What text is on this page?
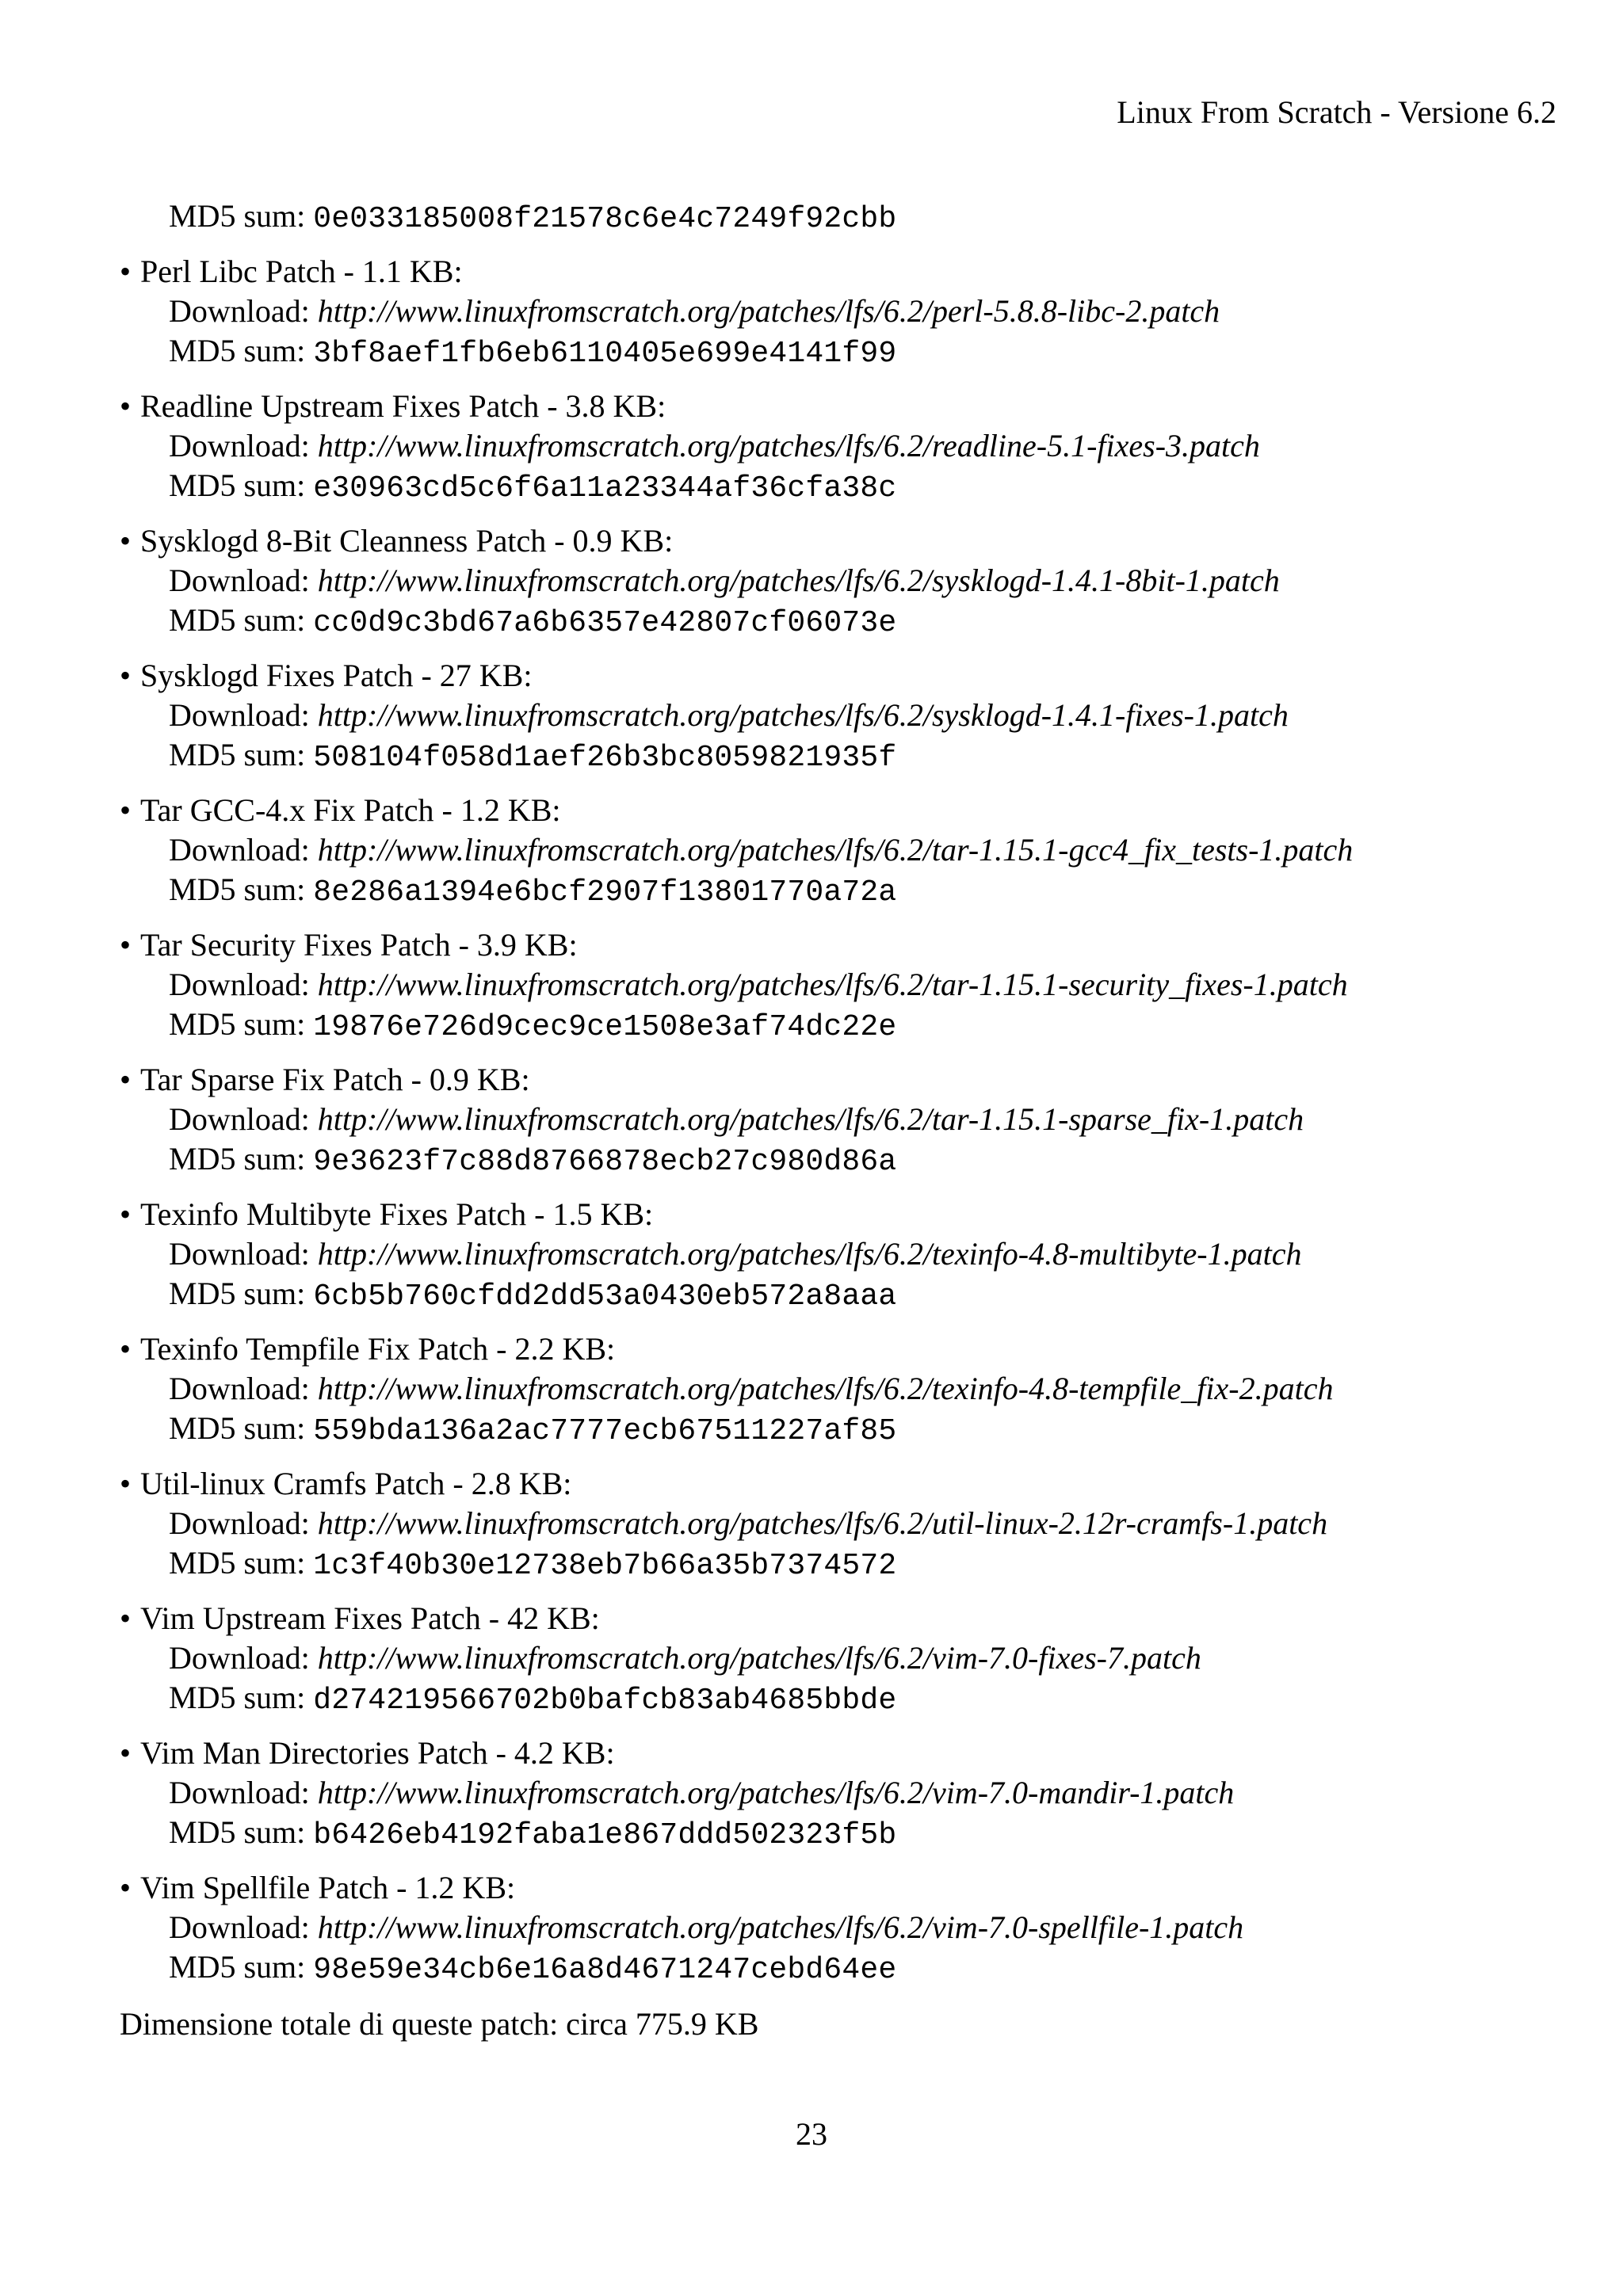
Linux From Scratch - Versione 6.2
MD5 sum: 0e033185008f21578c6e4c7249f92cbb
• Perl Libc Patch - 1.1 KB:
Download: http://www.linuxfromscratch.org/patches/lfs/6.2/perl-5.8.8-libc-2.patch
MD5 sum: 3bf8aef1fb6eb6110405e699e4141f99
• Readline Upstream Fixes Patch - 3.8 KB:
Download: http://www.linuxfromscratch.org/patches/lfs/6.2/readline-5.1-fixes-3.patch
MD5 sum: e30963cd5c6f6a11a23344af36cfa38c
• Sysklogd 8-Bit Cleanness Patch - 0.9 KB:
Download: http://www.linuxfromscratch.org/patches/lfs/6.2/sysklogd-1.4.1-8bit-1.patch
MD5 sum: cc0d9c3bd67a6b6357e42807cf06073e
• Sysklogd Fixes Patch - 27 KB:
Download: http://www.linuxfromscratch.org/patches/lfs/6.2/sysklogd-1.4.1-fixes-1.patch
MD5 sum: 508104f058d1aef26b3bc8059821935f
• Tar GCC-4.x Fix Patch - 1.2 KB:
Download: http://www.linuxfromscratch.org/patches/lfs/6.2/tar-1.15.1-gcc4_fix_tests-1.patch
MD5 sum: 8e286a1394e6bcf2907f13801770a72a
• Tar Security Fixes Patch - 3.9 KB:
Download: http://www.linuxfromscratch.org/patches/lfs/6.2/tar-1.15.1-security_fixes-1.patch
MD5 sum: 19876e726d9cec9ce1508e3af74dc22e
• Tar Sparse Fix Patch - 0.9 KB:
Download: http://www.linuxfromscratch.org/patches/lfs/6.2/tar-1.15.1-sparse_fix-1.patch
MD5 sum: 9e3623f7c88d8766878ecb27c980d86a
• Texinfo Multibyte Fixes Patch - 1.5 KB:
Download: http://www.linuxfromscratch.org/patches/lfs/6.2/texinfo-4.8-multibyte-1.patch
MD5 sum: 6cb5b760cfdd2dd53a0430eb572a8aaa
• Texinfo Tempfile Fix Patch - 2.2 KB:
Download: http://www.linuxfromscratch.org/patches/lfs/6.2/texinfo-4.8-tempfile_fix-2.patch
MD5 sum: 559bda136a2ac7777ecb67511227af85
• Util-linux Cramfs Patch - 2.8 KB:
Download: http://www.linuxfromscratch.org/patches/lfs/6.2/util-linux-2.12r-cramfs-1.patch
MD5 sum: 1c3f40b30e12738eb7b66a35b7374572
• Vim Upstream Fixes Patch - 42 KB:
Download: http://www.linuxfromscratch.org/patches/lfs/6.2/vim-7.0-fixes-7.patch
MD5 sum: d274219566702b0bafcb83ab4685bbde
• Vim Man Directories Patch - 4.2 KB:
Download: http://www.linuxfromscratch.org/patches/lfs/6.2/vim-7.0-mandir-1.patch
MD5 sum: b6426eb4192faba1e867ddd502323f5b
• Vim Spellfile Patch - 1.2 KB:
Download: http://www.linuxfromscratch.org/patches/lfs/6.2/vim-7.0-spellfile-1.patch
MD5 sum: 98e59e34cb6e16a8d4671247cebd64ee
Dimensione totale di queste patch: circa 775.9 KB
23
